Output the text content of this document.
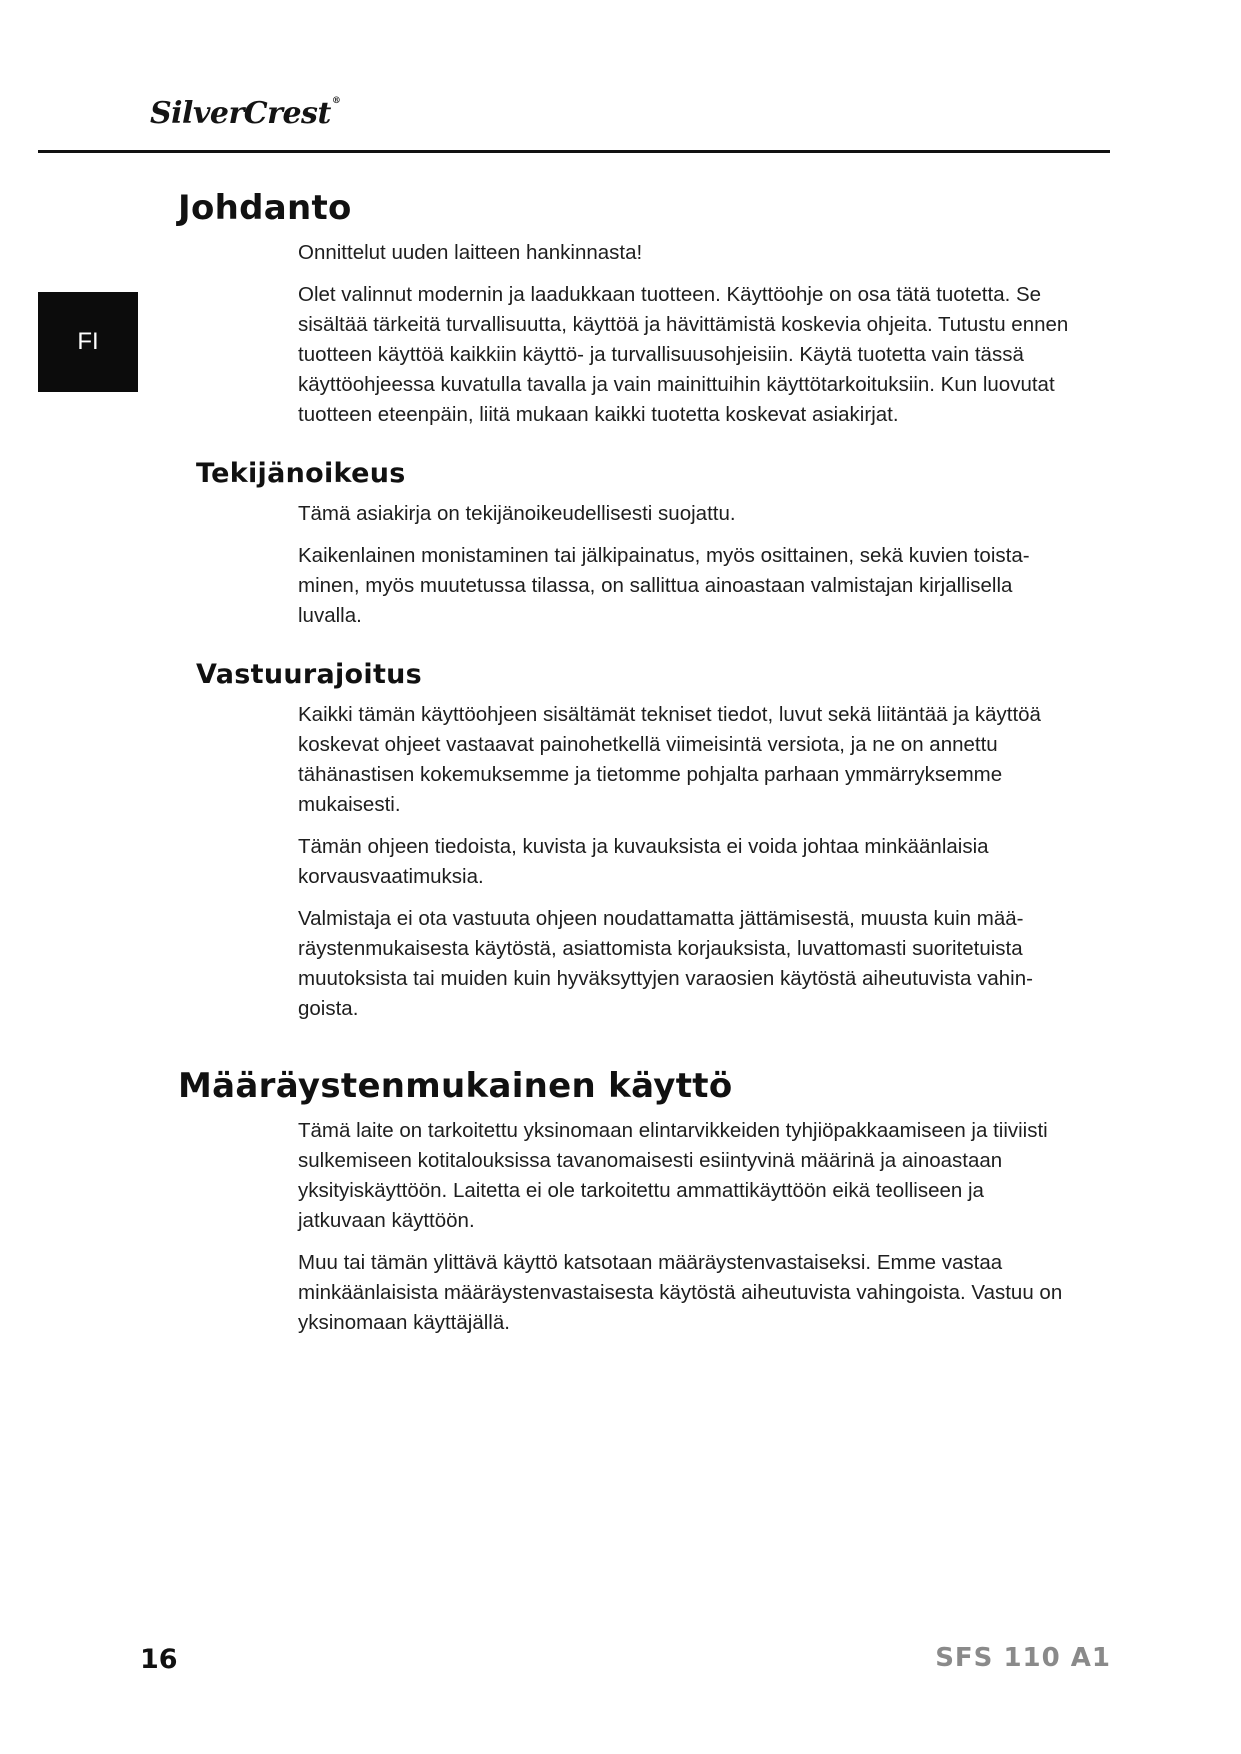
SilverCrest®
FI
Johdanto

Onnittelut uuden laitteen hankinnasta!

Olet valinnut modernin ja laadukkaan tuotteen. Käyttöohje on osa tätä tuotetta. Se sisältää tärkeitä turvallisuutta, käyttöä ja hävittämistä koskevia ohjeita. Tutustu ennen tuotteen käyttöä kaikkiin käyttö- ja turvallisuusohjeisiin. Käytä tuotetta vain tässä käyttöohjeessa kuvatulla tavalla ja vain mainittuihin käyttötarkoituksiin. Kun luovutat tuotteen eteenpäin, liitä mukaan kaikki tuotetta koskevat asiakirjat.

Tekijänoikeus

Tämä asiakirja on tekijänoikeudellisesti suojattu.

Kaikenlainen monistaminen tai jälkipainatus, myös osittainen, sekä kuvien toistaminen, myös muutetussa tilassa, on sallittua ainoastaan valmistajan kirjallisella luvalla.

Vastuurajoitus

Kaikki tämän käyttöohjeen sisältämät tekniset tiedot, luvut sekä liitäntää ja käyttöä koskevat ohjeet vastaavat painohetkellä viimeisintä versiota, ja ne on annettu tähänastisen kokemuksemme ja tietomme pohjalta parhaan ymmärryksemme mukaisesti.

Tämän ohjeen tiedoista, kuvista ja kuvauksista ei voida johtaa minkäänlaisia korvausvaatimuksia.

Valmistaja ei ota vastuuta ohjeen noudattamatta jättämisestä, muusta kuin määräystenmukaisesta käytöstä, asiattomista korjauksista, luvattomasti suoritetuista muutoksista tai muiden kuin hyväksyttyjen varaosien käytöstä aiheutuvista vahingoista.

Määräystenmukainen käyttö

Tämä laite on tarkoitettu yksinomaan elintarvikkeiden tyhjiöpakkaamiseen ja tiiviisti sulkemiseen kotitalouksissa tavanomaisesti esiintyvinä määrinä ja ainoastaan yksityiskäyttöön. Laitetta ei ole tarkoitettu ammattikäyttöön eikä teolliseen ja jatkuvaan käyttöön.

Muu tai tämän ylittävä käyttö katsotaan määräystenvastaiseksi. Emme vastaa minkäänlaisista määräystenvastaisesta käytöstä aiheutuvista vahingoista. Vastuu on yksinomaan käyttäjällä.

16	SFS 110 A1
